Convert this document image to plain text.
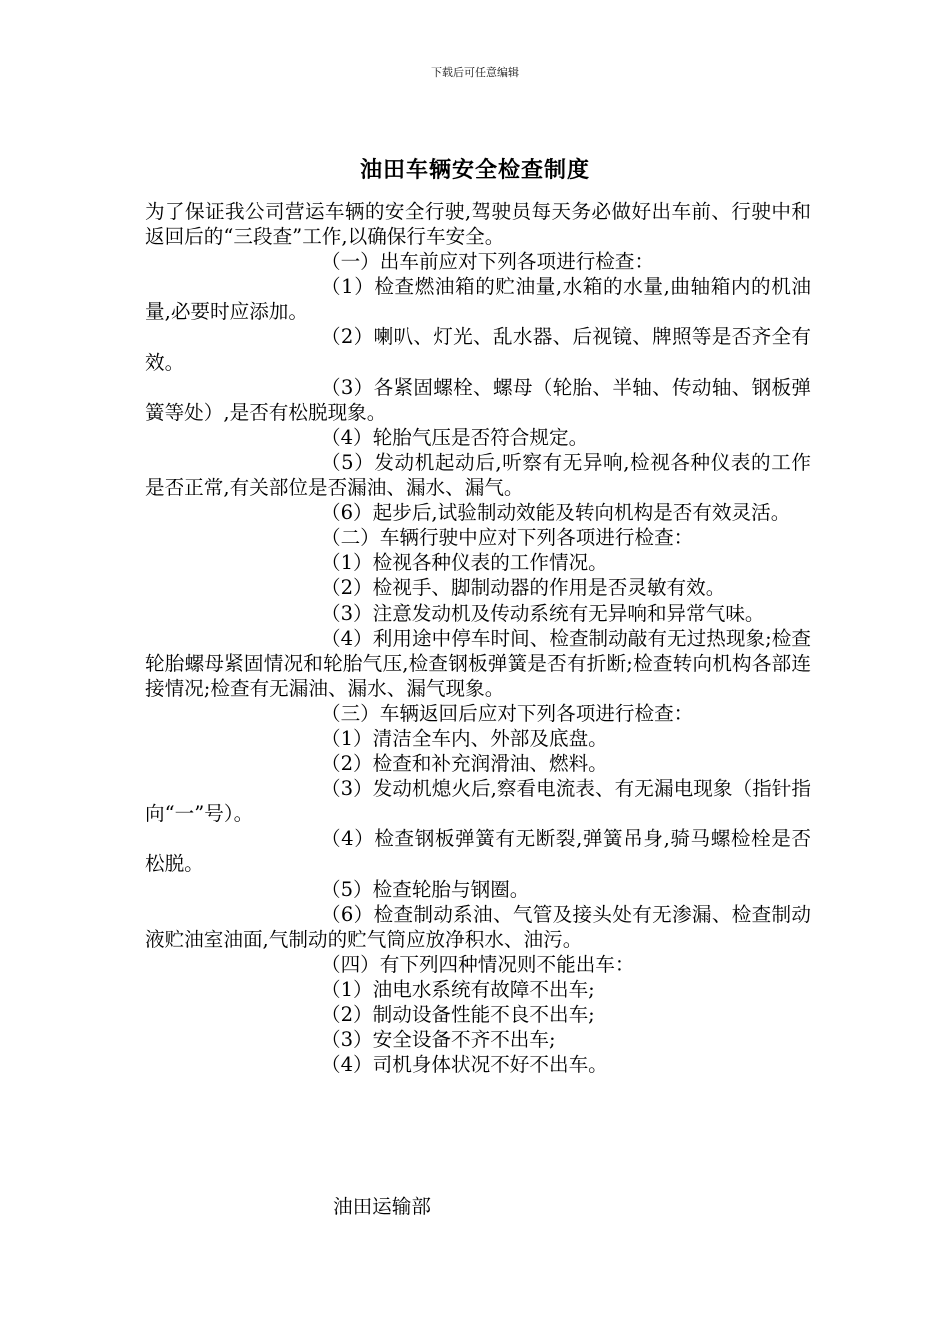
下载后可任意编辑
油田车辆安全检查制度

为了保证我公司营运车辆的安全行驶,驾驶员每天务必做好出车前、行驶中和返回后的“三段查”工作,以确保行车安全。

（一）出车前应对下列各项进行检查：

（1）检查燃油箱的贮油量,水箱的水量,曲轴箱内的机油量,必要时应添加。

（2）喇叭、灯光、乱水器、后视镜、牌照等是否齐全有效。

（3）各紧固螺栓、螺母（轮胎、半轴、传动轴、钢板弹簧等处）,是否有松脱现象。

（4）轮胎气压是否符合规定。

（5）发动机起动后,听察有无异响,检视各种仪表的工作是否正常,有关部位是否漏油、漏水、漏气。

（6）起步后,试验制动效能及转向机构是否有效灵活。

（二）车辆行驶中应对下列各项进行检查：

（1）检视各种仪表的工作情况。

（2）检视手、脚制动器的作用是否灵敏有效。

（3）注意发动机及传动系统有无异响和异常气味。

（4）利用途中停车时间、检查制动敲有无过热现象;检查轮胎螺母紧固情况和轮胎气压,检查钢板弹簧是否有折断;检查转向机构各部连接情况;检查有无漏油、漏水、漏气现象。

（三）车辆返回后应对下列各项进行检查：

（1）清洁全车内、外部及底盘。

（2）检查和补充润滑油、燃料。

（3）发动机熄火后,察看电流表、有无漏电现象（指针指向“一”号）。

（4）检查钢板弹簧有无断裂,弹簧吊身,骑马螺检栓是否松脱。

（5）检查轮胎与钢圈。

（6）检查制动系油、气管及接头处有无渗漏、检查制动液贮油室油面,气制动的贮气筒应放净积水、油污。

（四）有下列四种情况则不能出车：

（1）油电水系统有故障不出车;

（2）制动设备性能不良不出车;

（3）安全设备不齐不出车;

（4）司机身体状况不好不出车。

油田运输部
